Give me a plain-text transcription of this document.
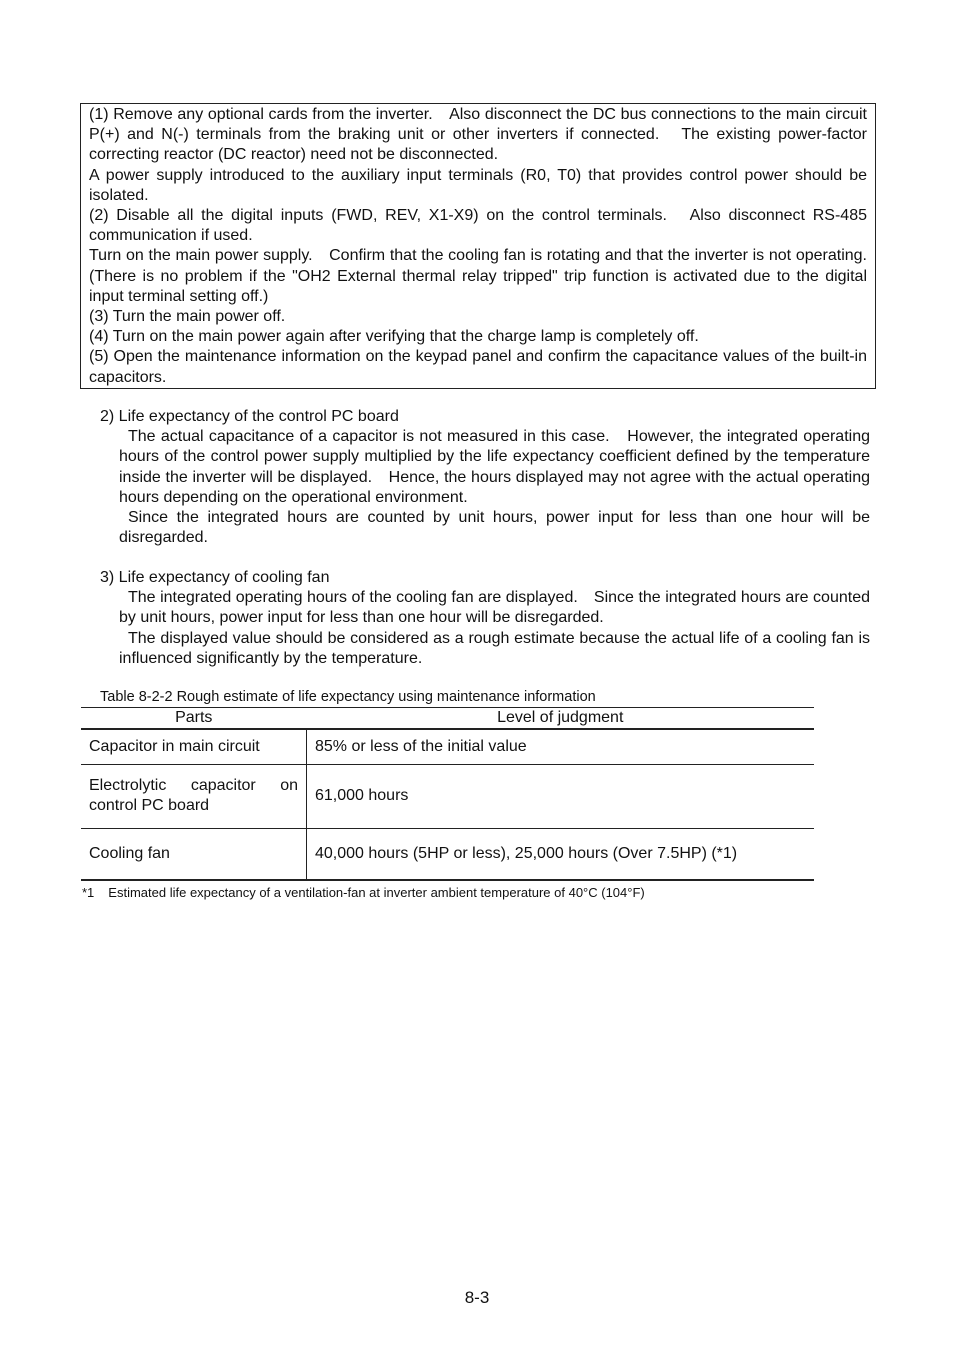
(1) Remove any optional cards from the inverter.　Also disconnect the DC bus connections to the main circuit P(+) and N(-) terminals from the braking unit or other inverters if connected.　The existing power-factor correcting reactor (DC reactor) need not be disconnected.

A power supply introduced to the auxiliary input terminals (R0, T0) that provides control power should be isolated.

(2) Disable all the digital inputs (FWD, REV, X1-X9) on the control terminals.　Also disconnect RS-485 communication if used.

Turn on the main power supply.　Confirm that the cooling fan is rotating and that the inverter is not operating.　(There is no problem if the "OH2 External thermal relay tripped" trip function is activated due to the digital input terminal setting off.)

(3) Turn the main power off.

(4) Turn on the main power again after verifying that the charge lamp is completely off.

(5) Open the maintenance information on the keypad panel and confirm the capacitance values of the built-in capacitors.

2) Life expectancy of the control PC board

The actual capacitance of a capacitor is not measured in this case.　However, the integrated operating hours of the control power supply multiplied by the life expectancy coefficient defined by the temperature inside the inverter will be displayed.　Hence, the hours displayed may not agree with the actual operating hours depending on the operational environment.

Since the integrated hours are counted by unit hours, power input for less than one hour will be disregarded.

3) Life expectancy of cooling fan

The integrated operating hours of the cooling fan are displayed.　Since the integrated hours are counted by unit hours, power input for less than one hour will be disregarded.

The displayed value should be considered as a rough estimate because the actual life of a cooling fan is influenced significantly by the temperature.

Table 8-2-2 Rough estimate of life expectancy using maintenance information
Parts	Level of judgment
Capacitor in main circuit	85% or less of the initial value
Electrolytic capacitor on control PC board	61,000 hours
Cooling fan	40,000 hours (5HP or less), 25,000 hours (Over 7.5HP) (*1)
*1 Estimated life expectancy of a ventilation-fan at inverter ambient temperature of 40°C (104°F)
8-3
